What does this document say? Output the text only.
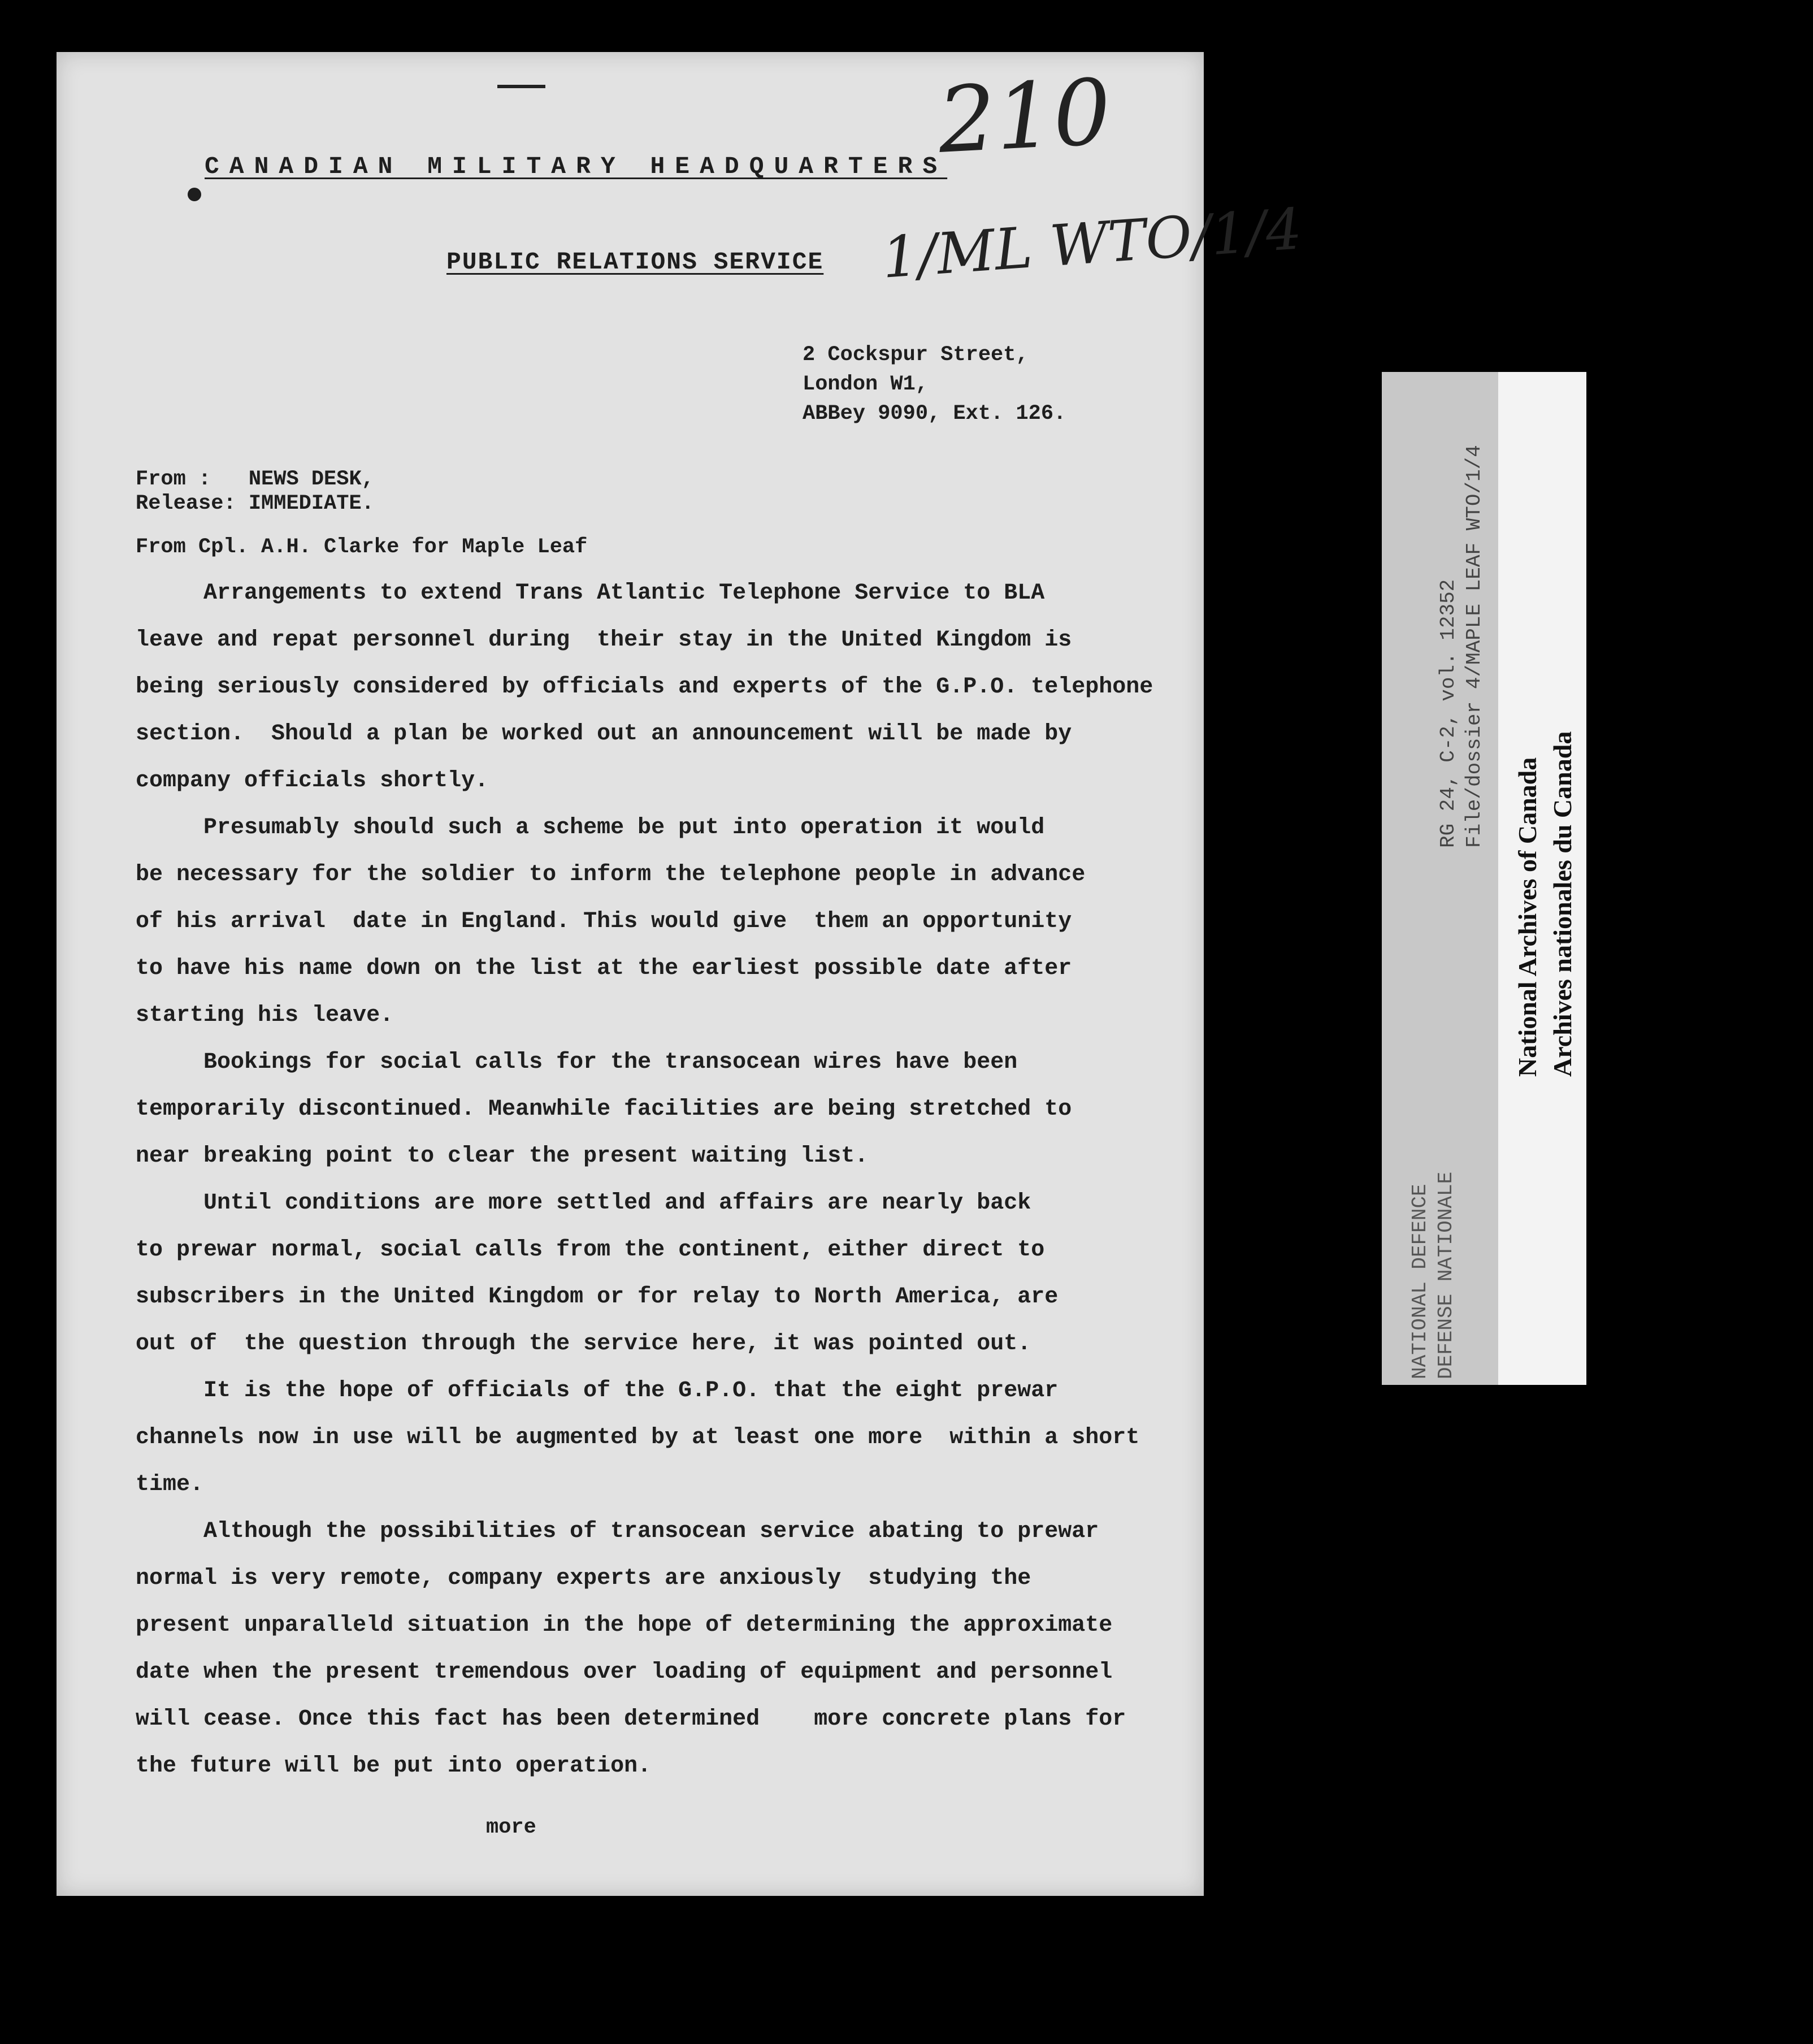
210
CANADIAN MILITARY HEADQUARTERS
PUBLIC RELATIONS SERVICE 1/ML WTO/1/4
2 Cockspur Street,
London W1,
ABBey 9090, Ext. 126.
From :   NEWS DESK,
Release: IMMEDIATE.
From Cpl. A.H. Clarke for Maple Leaf
Arrangements to extend Trans Atlantic Telephone Service to BLA
leave and repat personnel during  their stay in the United Kingdom is
being seriously considered by officials and experts of the G.P.O. telephone
section.  Should a plan be worked out an announcement will be made by
company officials shortly.
Presumably should such a scheme be put into operation it would
be necessary for the soldier to inform the telephone people in advance
of his arrival  date in England. This would give  them an opportunity
to have his name down on the list at the earliest possible date after
starting his leave.
Bookings for social calls for the transocean wires have been
temporarily discontinued. Meanwhile facilities are being stretched to
near breaking point to clear the present waiting list.
Until conditions are more settled and affairs are nearly back
to prewar normal, social calls from the continent, either direct to
subscribers in the United Kingdom or for relay to North America, are
out of  the question through the service here, it was pointed out.
It is the hope of officials of the G.P.O. that the eight prewar
channels now in use will be augmented by at least one more  within a short
time.
Although the possibilities of transocean service abating to prewar
normal is very remote, company experts are anxiously  studying the
present unparalleld situation in the hope of determining the approximate
date when the present tremendous over loading of equipment and personnel
will cease. Once this fact has been determined    more concrete plans for
the future will be put into operation.
more
RG 24, C-2, vol. 12352 File/dossier 4/MAPLE LEAF WTO/1/4
NATIONAL DEFENCE DEFENSE NATIONALE
National Archives of Canada Archives nationales du Canada
